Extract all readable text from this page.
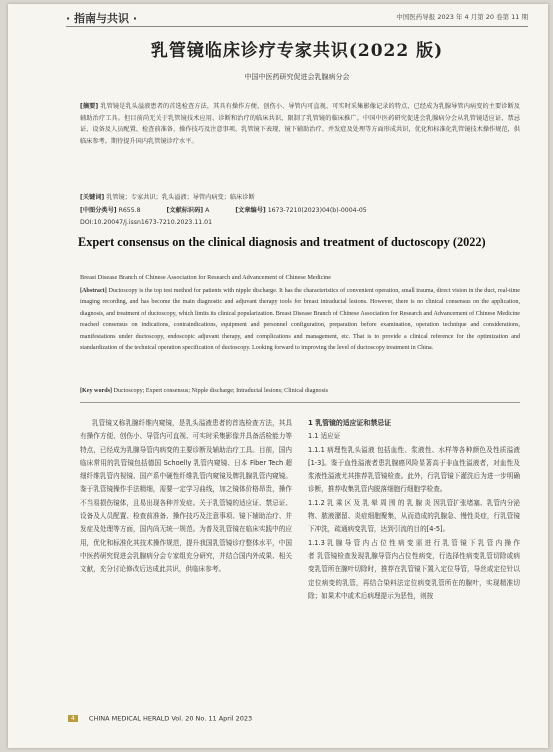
· 指南与共识 ·	中国医药导报 2023 年 4 月第 20 卷第 11 期
乳管镜临床诊疗专家共识(2022 版)
中国中医药研究促进会乳腺病分会
[摘要] 乳管镜是乳头溢液患者的首选检查方法，其具有操作方便、创伤小、导管内可直视、可实时采集影像记录的特点，已经成为乳腺导管内病变的主要诊断及辅助治疗工具。但目前尚无关于乳管镜技术应用、诊断和治疗的临床共识，限制了乳管镜的临床推广。中国中医药研究促进会乳腺病分会从乳管镜适应证、禁忌证、设备及人员配置、检查前准备、操作技巧及注意事项、乳管镜下表现、镜下辅助治疗、并发症及处理等方面形成共识，优化和标准化乳管镜技术操作规范，供临床参考。期待提升国内乳管镜诊疗水平。
[关键词] 乳管镜；专家共识；乳头溢液；导管内病变；临床诊断
[中图分类号] R655.8	[文献标识码] A	[文章编号] 1673-7210(2023)04(b)-0004-05
DOI:10.20047/j.issn1673-7210.2023.11.01
Expert consensus on the clinical diagnosis and treatment of ductoscopy (2022)
Breast Disease Branch of Chinese Association for Research and Advancement of Chinese Medicine
[Abstract] Ductoscopy is the top test method for patients with nipple discharge. It has the characteristics of convenient operation, small trauma, direct vision in the duct, real-time imaging recording, and has become the main diagnostic and adjuvant therapy tools for breast intraductal lesions. However, there is no clinical consensus on the application, diagnosis, and treatment of ductoscopy, which limits its clinical popularization. Breast Disease Branch of Chinese Association for Research and Advancement of Chinese Medicine reached consensus on indications, contraindications, equipment and personnel configuration, preparation before examination, operation technique and considerations, manifestations under ductoscopy, endoscopic adjuvant therapy, and complications and management, etc. That is to provide a clinical reference for the optimization and standardization of the technical operation specification of ductoscopy. Looking forward to improving the level of ductoscopy treatment in China.
[Key words] Ductoscopy; Expert consensus; Nipple discharge; Intraductal lesions; Clinical diagnosis
乳管镜又称乳腺纤维内窥镜，是乳头溢液患者的首选检查方法，其具有操作方便、创伤小、导管内可直视、可实时采集影像并具备活检能力等特点，已经成为乳腺导管内病变的主要诊断及辅助治疗工具。目前，国内临床常用的乳管镜包括德国 Schoelly 乳管内窥镜、日本 Fiber Tech 超细纤维乳管内视镜、国产系中硬性纤维乳管内窥镜及牌乳腺乳管内窥镜。鉴于乳管镜操作手法精细，需要一定学习曲线，加之镜体价格昂贵，操作不当易损伤镜体，且易出现各种并发症。关于乳管镜的适应证、禁忌证、设备及人员配置、检查前准备、操作技巧及注意事项、镜下辅助治疗、并发症及处理等方面，国内尚无统一规范。为普及乳管镜在临床实践中的应用，优化和标准化其技术操作规范，提升我国乳管镜诊疗整体水平，中国中医药研究促进会乳腺病分会专家组充分研究，并结合国内外成果、相关文献，充分讨论修改后达成此共识，供临床参考。
1 乳管镜的适应证和禁忌证
1.1 适应证
1.1.1 病理性乳头溢液 包括血性、浆液性、水样等各种颜色及性质溢液[1-3]。鉴于血性溢液者患乳腺癌风险显著高于非血性溢液者，对血性及浆液性溢液尤其推荐乳管镜检查。此外，行乳管镜下灌洗后为进一步明确诊断，推荐收集乳管内脱落细胞行细胞学检查。
1.1.2 乳 乘 区 及 乳 晕 周 围 的 乳 腺 炎 因乳管扩张堵塞、乳管内分泌物、脓液潴留、炎症细胞聚集，从而造成的乳腺急、慢性炎症，行乳管镜下冲洗，疏通病变乳管，达到引流的目的[4-5]。
1.1.3 乳 腺 导 管 内 占 位 性 病 变 需 进 行 乳 管 镜 下 乳 管 内 操 作 者 乳管镜检查发现乳腺导管内占位性病变，行选择性病变乳管切除或病变乳管所在腺叶切除时，推荐在乳管镜下置入定位导管，导丝或定位针以定位病变的乳管，再结合染料法定位病变乳管所在的腺叶，实现精准切除；如果术中或术后病理提示为恶性，则按
4 CHINA MEDICAL HERALD Vol. 20 No. 11 April 2023
